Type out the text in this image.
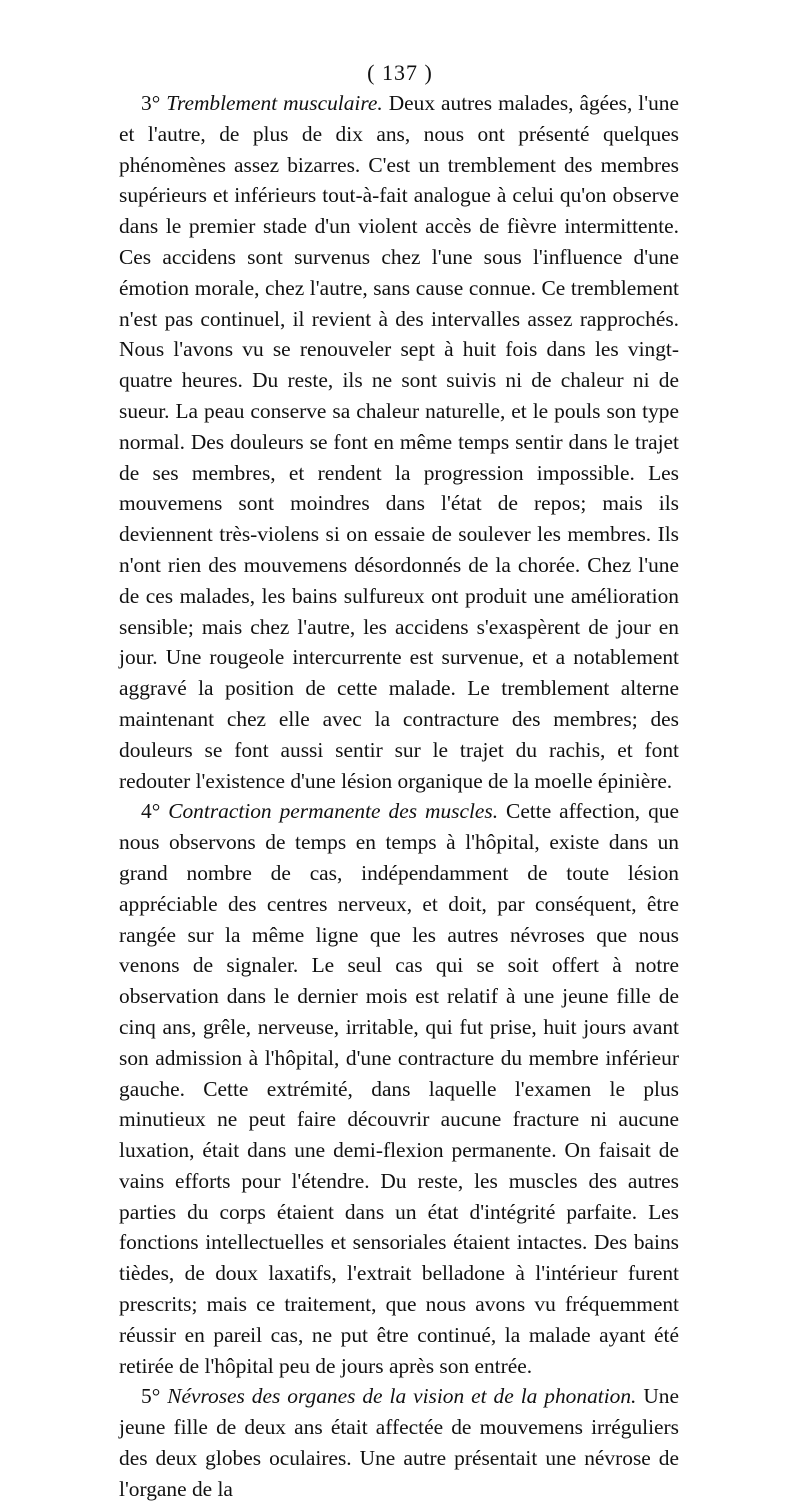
( 137 )

3° Tremblement musculaire. Deux autres malades, âgées, l'une et l'autre, de plus de dix ans, nous ont présenté quelques phénomènes assez bizarres. C'est un tremblement des membres supérieurs et inférieurs tout-à-fait analogue à celui qu'on observe dans le premier stade d'un violent accès de fièvre intermittente. Ces accidens sont survenus chez l'une sous l'influence d'une émotion morale, chez l'autre, sans cause connue. Ce tremblement n'est pas continuel, il revient à des intervalles assez rapprochés. Nous l'avons vu se renouveler sept à huit fois dans les vingt-quatre heures. Du reste, ils ne sont suivis ni de chaleur ni de sueur. La peau conserve sa chaleur naturelle, et le pouls son type normal. Des douleurs se font en même temps sentir dans le trajet de ses membres, et rendent la progression impossible. Les mouvemens sont moindres dans l'état de repos; mais ils deviennent très-violens si on essaie de soulever les membres. Ils n'ont rien des mouvemens désordonnés de la chorée. Chez l'une de ces malades, les bains sulfureux ont produit une amélioration sensible; mais chez l'autre, les accidens s'exaspèrent de jour en jour. Une rougeole intercurrente est survenue, et a notablement aggravé la position de cette malade. Le tremblement alterne maintenant chez elle avec la contracture des membres; des douleurs se font aussi sentir sur le trajet du rachis, et font redouter l'existence d'une lésion organique de la moelle épinière.

4° Contraction permanente des muscles. Cette affection, que nous observons de temps en temps à l'hôpital, existe dans un grand nombre de cas, indépendamment de toute lésion appréciable des centres nerveux, et doit, par conséquent, être rangée sur la même ligne que les autres névroses que nous venons de signaler. Le seul cas qui se soit offert à notre observation dans le dernier mois est relatif à une jeune fille de cinq ans, grêle, nerveuse, irritable, qui fut prise, huit jours avant son admission à l'hôpital, d'une contracture du membre inférieur gauche. Cette extrémité, dans laquelle l'examen le plus minutieux ne peut faire découvrir aucune fracture ni aucune luxation, était dans une demi-flexion permanente. On faisait de vains efforts pour l'étendre. Du reste, les muscles des autres parties du corps étaient dans un état d'intégrité parfaite. Les fonctions intellectuelles et sensoriales étaient intactes. Des bains tièdes, de doux laxatifs, l'extrait belladone à l'intérieur furent prescrits; mais ce traitement, que nous avons vu fréquemment réussir en pareil cas, ne put être continué, la malade ayant été retirée de l'hôpital peu de jours après son entrée.

5° Névroses des organes de la vision et de la phonation. Une jeune fille de deux ans était affectée de mouvemens irréguliers des deux globes oculaires. Une autre présentait une névrose de l'organe de la
